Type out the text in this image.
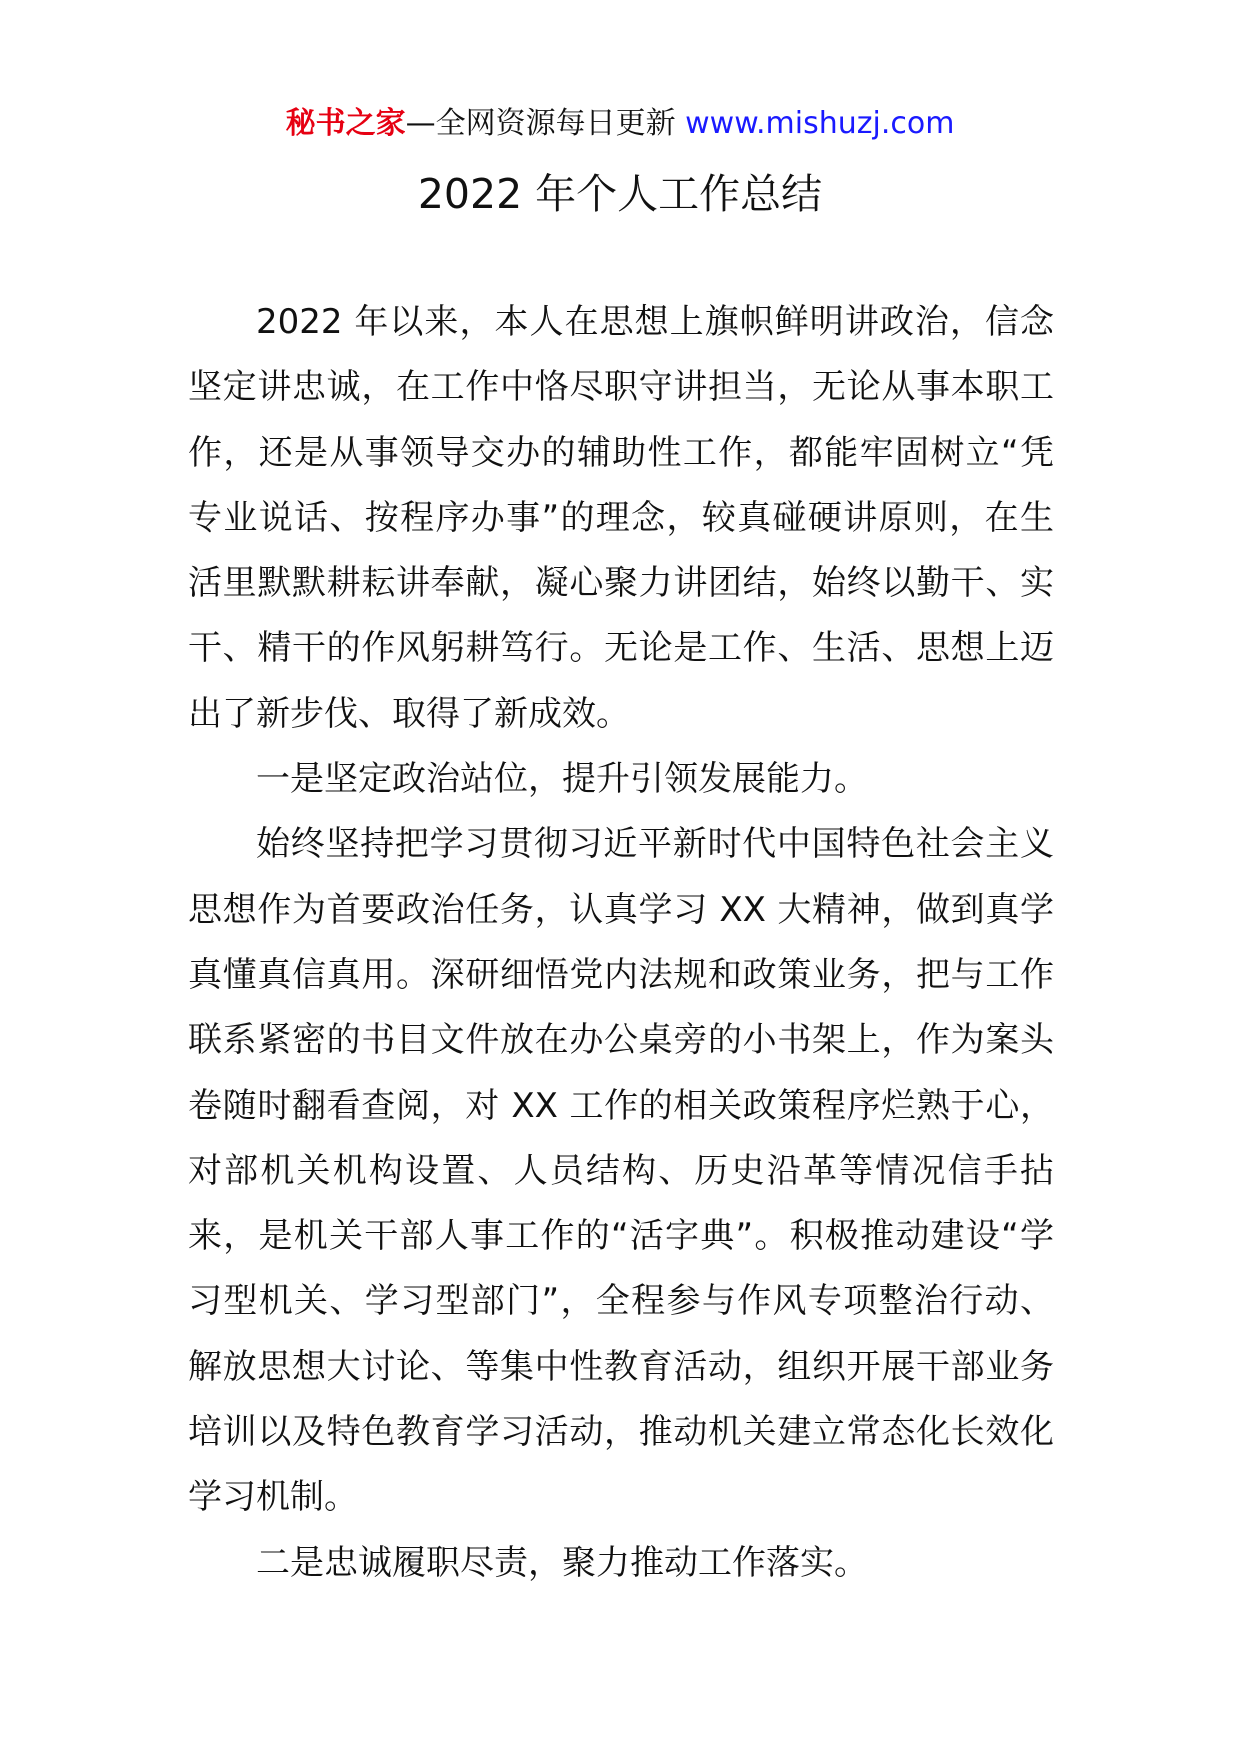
秘书之家—全网资源每日更新 www.mishuzj.com
2022 年个人工作总结

2022 年以来，本人在思想上旗帜鲜明讲政治，信念坚定讲忠诚，在工作中恪尽职守讲担当，无论从事本职工作，还是从事领导交办的辅助性工作，都能牢固树立“凭专业说话、按程序办事”的理念，较真碰硬讲原则，在生活里默默耕耘讲奉献，凝心聚力讲团结，始终以勤干、实干、精干的作风躬耕笃行。无论是工作、生活、思想上迈出了新步伐、取得了新成效。

一是坚定政治站位，提升引领发展能力。

始终坚持把学习贯彻习近平新时代中国特色社会主义思想作为首要政治任务，认真学习 XX 大精神，做到真学真懂真信真用。深研细悟党内法规和政策业务，把与工作联系紧密的书目文件放在办公桌旁的小书架上，作为案头卷随时翻看查阅，对 XX 工作的相关政策程序烂熟于心，对部机关机构设置、人员结构、历史沿革等情况信手拈来，是机关干部人事工作的“活字典”。积极推动建设“学习型机关、学习型部门”，全程参与作风专项整治行动、解放思想大讨论、等集中性教育活动，组织开展干部业务培训以及特色教育学习活动，推动机关建立常态化长效化学习机制。

二是忠诚履职尽责，聚力推动工作落实。
